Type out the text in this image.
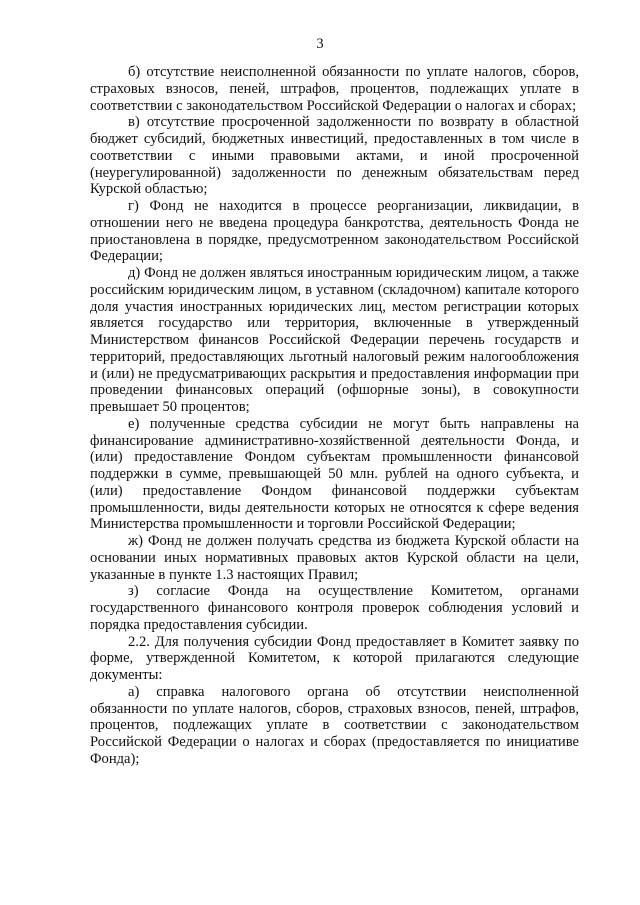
3

б) отсутствие неисполненной обязанности по уплате налогов, сборов, страховых взносов, пеней, штрафов, процентов, подлежащих уплате в соответствии с законодательством Российской Федерации о налогах и сборах;

в) отсутствие просроченной задолженности по возврату в областной бюджет субсидий, бюджетных инвестиций, предоставленных в том числе в соответствии с иными правовыми актами, и иной просроченной (неурегулированной) задолженности по денежным обязательствам перед Курской областью;

г) Фонд не находится в процессе реорганизации, ликвидации, в отношении него не введена процедура банкротства, деятельность Фонда не приостановлена в порядке, предусмотренном законодательством Российской Федерации;

д) Фонд не должен являться иностранным юридическим лицом, а также российским юридическим лицом, в уставном (складочном) капитале которого доля участия иностранных юридических лиц, местом регистрации которых является государство или территория, включенные в утвержденный Министерством финансов Российской Федерации перечень государств и территорий, предоставляющих льготный налоговый режим налогообложения и (или) не предусматривающих раскрытия и предоставления информации при проведении финансовых операций (офшорные зоны), в совокупности превышает 50 процентов;

е) полученные средства субсидии не могут быть направлены на финансирование административно-хозяйственной деятельности Фонда, и (или) предоставление Фондом субъектам промышленности финансовой поддержки в сумме, превышающей 50 млн. рублей на одного субъекта, и (или) предоставление Фондом финансовой поддержки субъектам промышленности, виды деятельности которых не относятся к сфере ведения Министерства промышленности и торговли Российской Федерации;

ж) Фонд не должен получать средства из бюджета Курской области на основании иных нормативных правовых актов Курской области на цели, указанные в пункте 1.3 настоящих Правил;

з) согласие Фонда на осуществление Комитетом, органами государственного финансового контроля проверок соблюдения условий и порядка предоставления субсидии.

2.2. Для получения субсидии Фонд предоставляет в Комитет заявку по форме, утвержденной Комитетом, к которой прилагаются следующие документы:

а) справка налогового органа об отсутствии неисполненной обязанности по уплате налогов, сборов, страховых взносов, пеней, штрафов, процентов, подлежащих уплате в соответствии с законодательством Российской Федерации о налогах и сборах (предоставляется по инициативе Фонда);
